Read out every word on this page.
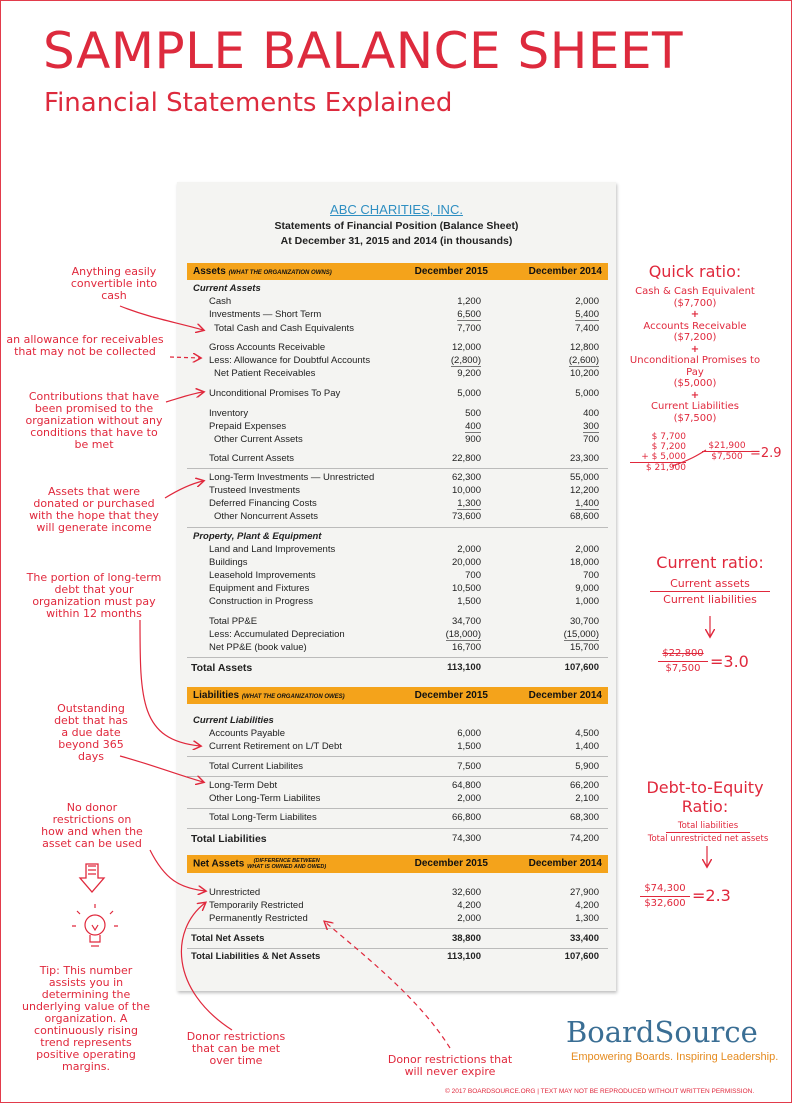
SAMPLE BALANCE SHEET
Financial Statements Explained
ABC CHARITIES, INC.
Statements of Financial Position (Balance Sheet)
At December 31, 2015 and 2014 (in thousands)
Assets (WHAT THE ORGANIZATION OWNS)	December 2015	December 2014
Current Assets
Cash	1,200	2,000
Investments — Short Term	6,500	5,400
Total Cash and Cash Equivalents	7,700	7,400
Gross Accounts Receivable	12,000	12,800
Less: Allowance for Doubtful Accounts	(2,800)	(2,600)
Net Patient Receivables	9,200	10,200
Unconditional Promises To Pay	5,000	5,000
Inventory	500	400
Prepaid Expenses	400	300
Other Current Assets	900	700
Total Current Assets	22,800	23,300
Long-Term Investments — Unrestricted	62,300	55,000
Trusteed Investments	10,000	12,200
Deferred Financing Costs	1,300	1,400
Other Noncurrent Assets	73,600	68,600
Property, Plant & Equipment
Land and Land Improvements	2,000	2,000
Buildings	20,000	18,000
Leasehold Improvements	700	700
Equipment and Fixtures	10,500	9,000
Construction in Progress	1,500	1,000
Total PP&E	34,700	30,700
Less: Accumulated Depreciation	(18,000)	(15,000)
Net PP&E (book value)	16,700	15,700
Total Assets	113,100	107,600
Liabilities (WHAT THE ORGANIZATION OWES)	December 2015	December 2014
Current Liabilities
Accounts Payable	6,000	4,500
Current Retirement on L/T Debt	1,500	1,400
Total Current Liabilites	7,500	5,900
Long-Term Debt	64,800	66,200
Other Long-Term Liabilites	2,000	2,100
Total Long-Term Liabilites	66,800	68,300
Total Liabilities	74,300	74,200
Net Assets (DIFFERENCE BETWEEN
WHAT IS OWNED AND OWED)	December 2015	December 2014
Unrestricted	32,600	27,900
Temporarily Restricted	4,200	4,200
Permanently Restricted	2,000	1,300
Total Net Assets	38,800	33,400
Total Liabilities & Net Assets	113,100	107,600
Anything easily convertible into cash
an allowance for receivables that may not be collected
Contributions that have been promised to the organization without any conditions that have to be met
Assets that were donated or purchased with the hope that they will generate income
The portion of long-term debt that your organization must pay within 12 months
Outstanding debt that has a due date beyond 365 days
No donor restrictions on how and when the asset can be used
Tip: This number assists you in determining the underlying value of the organization. A continuously rising trend represents positive operating margins.
Donor restrictions that can be met over time	Donor restrictions that will never expire
Quick ratio:
Cash & Cash Equivalent
($7,700)
+
Accounts Receivable
($7,200)
+
Unconditional Promises to Pay
($5,000)
+
Current Liabilities
($7,500)
$ 7,700
$ 7,200
+ $ 5,000
$ 21,900
$21,900
$7,500 =2.9
Current ratio:
Current assets
Current liabilities
$22,800
$7,500 =3.0
Debt-to-Equity
Ratio:
Total liabilities
Total unrestricted net assets
$74,300
$32,600 =2.3
BoardSource
Empowering Boards. Inspiring Leadership.
© 2017 BOARDSOURCE.ORG | TEXT MAY NOT BE REPRODUCED WITHOUT WRITTEN PERMISSION.
